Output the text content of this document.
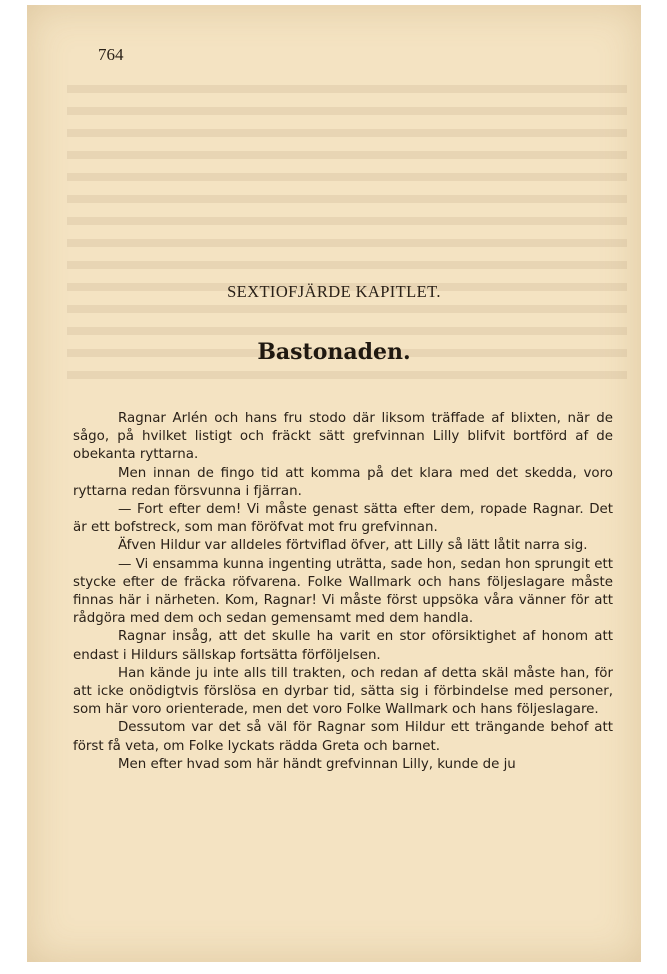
764
SEXTIOFJÄRDE KAPITLET.
Bastonaden.

Ragnar Arlén och hans fru stodo där liksom träffade af blixten, när de sågo, på hvilket listigt och fräckt sätt grefvinnan Lilly blifvit bortförd af de obekanta ryttarna.

Men innan de fingo tid att komma på det klara med det skedda, voro ryttarna redan försvunna i fjärran.

— Fort efter dem! Vi måste genast sätta efter dem, ropade Ragnar. Det är ett bofstreck, som man föröfvat mot fru grefvinnan.

Äfven Hildur var alldeles förtviflad öfver, att Lilly så lätt låtit narra sig.

— Vi ensamma kunna ingenting uträtta, sade hon, sedan hon sprungit ett stycke efter de fräcka röfvarena. Folke Wallmark och hans följeslagare måste finnas här i närheten. Kom, Ragnar! Vi måste först uppsöka våra vänner för att rådgöra med dem och sedan gemensamt med dem handla.

Ragnar insåg, att det skulle ha varit en stor oförsiktighet af honom att endast i Hildurs sällskap fortsätta förföljelsen.

Han kände ju inte alls till trakten, och redan af detta skäl måste han, för att icke onödigtvis förslösa en dyrbar tid, sätta sig i förbindelse med personer, som här voro orienterade, men det voro Folke Wallmark och hans följeslagare.

Dessutom var det så väl för Ragnar som Hildur ett trängande behof att först få veta, om Folke lyckats rädda Greta och barnet.

Men efter hvad som här händt grefvinnan Lilly, kunde de ju
